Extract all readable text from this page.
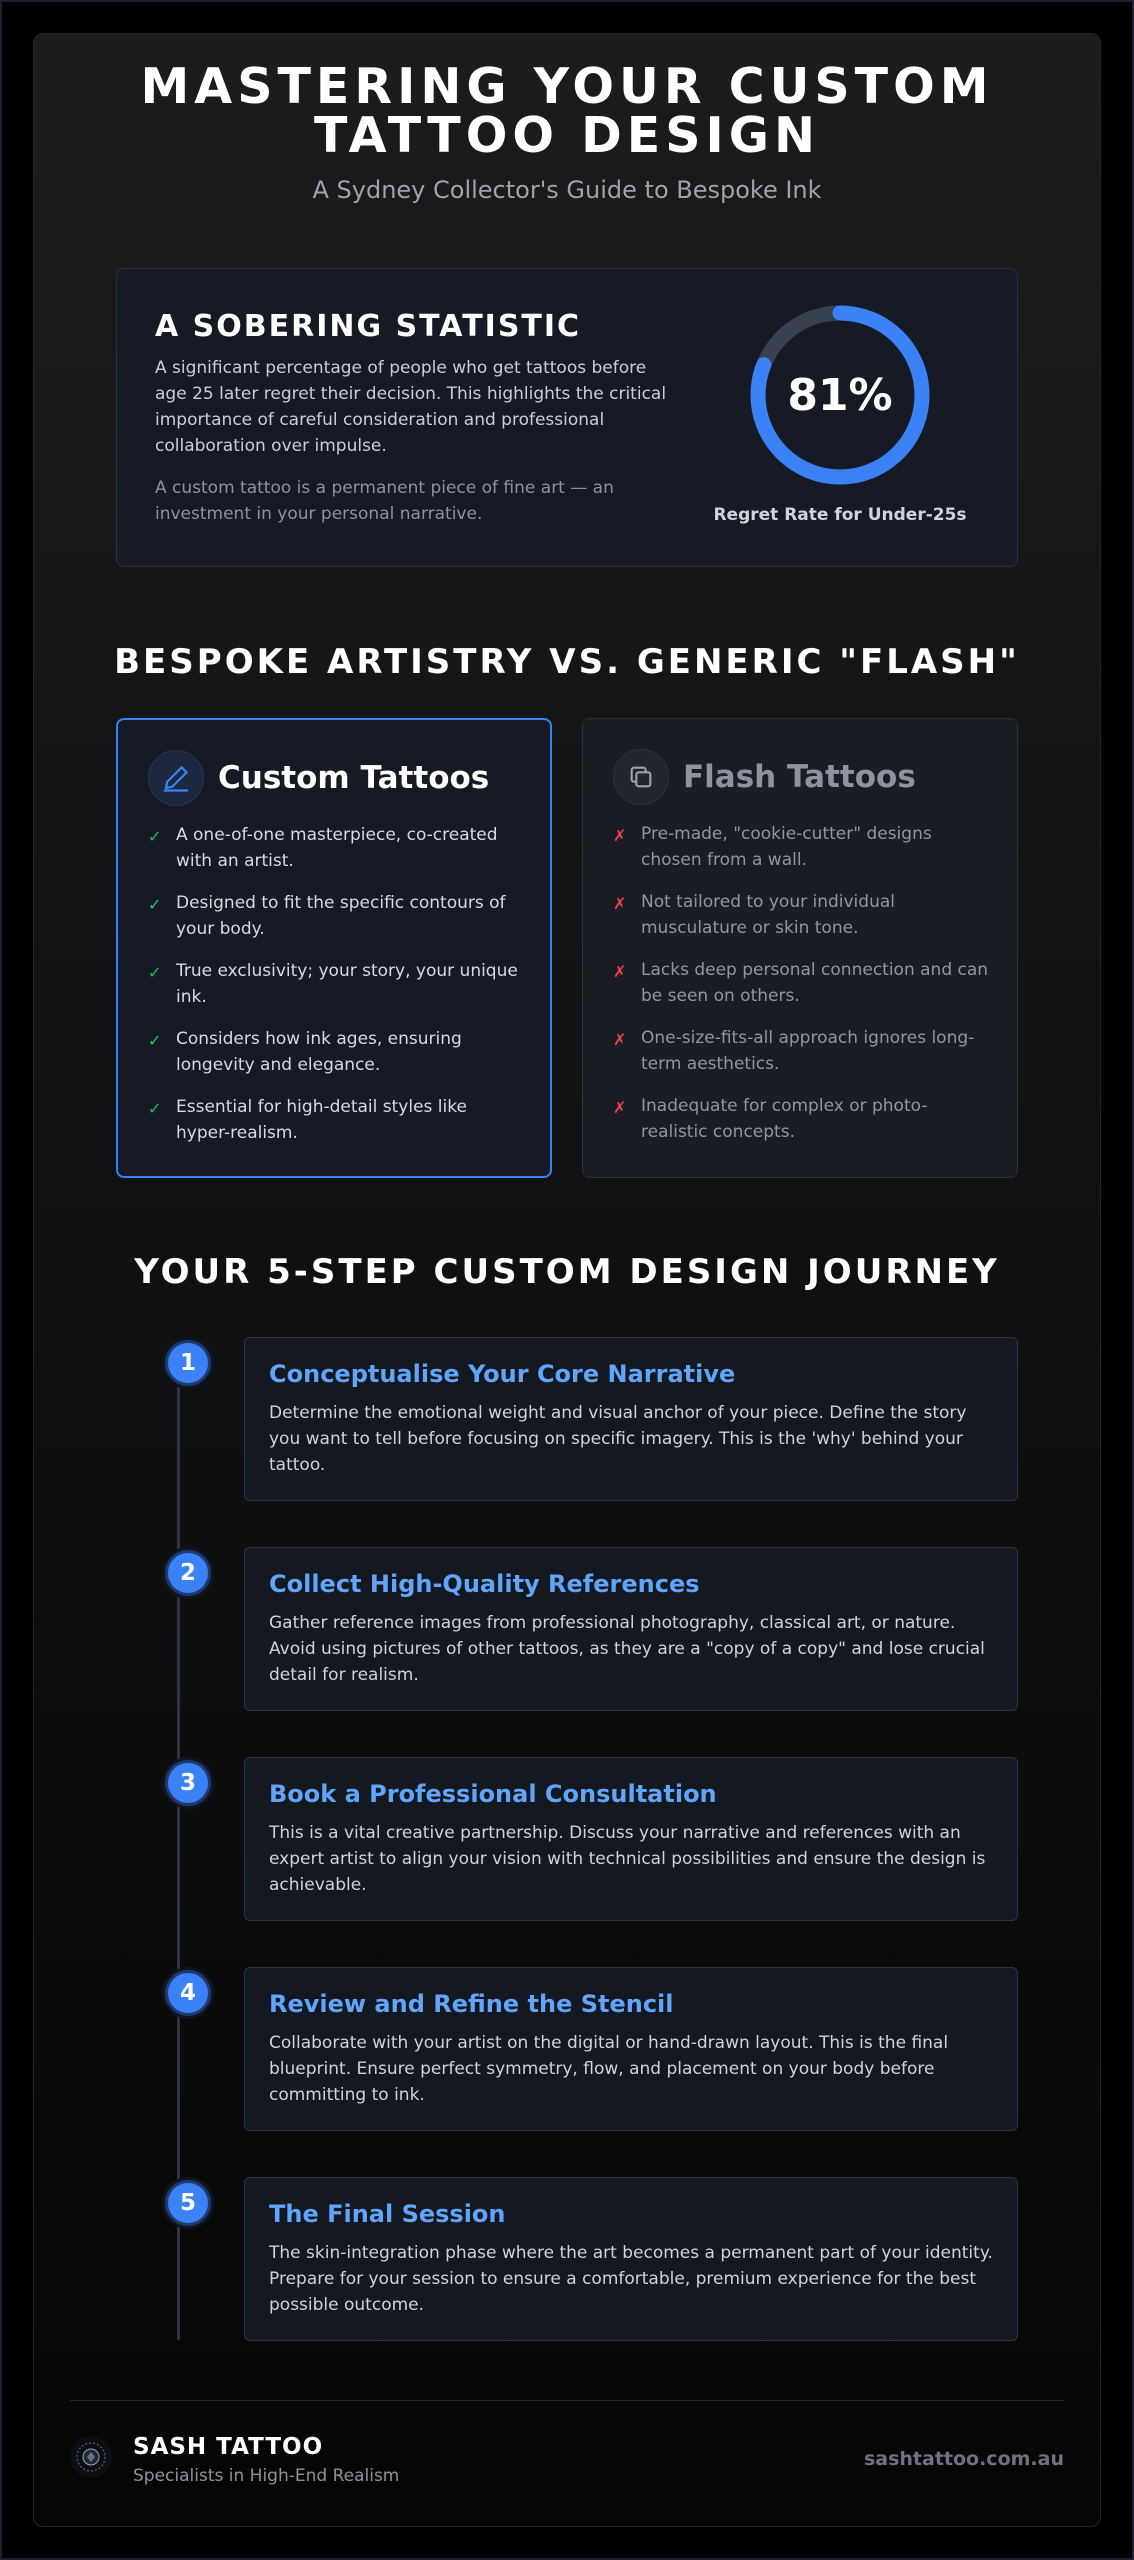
MASTERING YOUR CUSTOM
TATTOO DESIGN
A Sydney Collector's Guide to Bespoke Ink
A SOBERING STATISTIC
A significant percentage of people who get tattoos before age 25 later regret their decision. This highlights the critical importance of careful consideration and professional collaboration over impulse.
A custom tattoo is a permanent piece of fine art — an investment in your personal narrative.
81%
Regret Rate for Under-25s
BESPOKE ARTISTRY VS. GENERIC "FLASH"
Custom Tattoos
✓ A one-of-one masterpiece, co-created
with an artist.
✓ Designed to fit the specific contours of
your body.
✓ True exclusivity; your story, your unique
ink.
✓ Considers how ink ages, ensuring
longevity and elegance.
✓ Essential for high-detail styles like
hyper-realism.
Flash Tattoos
✗ Pre-made, "cookie-cutter" designs
chosen from a wall.
✗ Not tailored to your individual
musculature or skin tone.
✗ Lacks deep personal connection and can
be seen on others.
✗ One-size-fits-all approach ignores long-
term aesthetics.
✗ Inadequate for complex or photo-
realistic concepts.
YOUR 5-STEP CUSTOM DESIGN JOURNEY
1	Conceptualise Your Core Narrative
Determine the emotional weight and visual anchor of your piece. Define the story
you want to tell before focusing on specific imagery. This is the 'why' behind your
tattoo.
2	Collect High-Quality References
Gather reference images from professional photography, classical art, or nature.
Avoid using pictures of other tattoos, as they are a "copy of a copy" and lose crucial
detail for realism.
3	Book a Professional Consultation
This is a vital creative partnership. Discuss your narrative and references with an
expert artist to align your vision with technical possibilities and ensure the design is
achievable.
4	Review and Refine the Stencil
Collaborate with your artist on the digital or hand-drawn layout. This is the final
blueprint. Ensure perfect symmetry, flow, and placement on your body before
committing to ink.
5	The Final Session
The skin-integration phase where the art becomes a permanent part of your identity.
Prepare for your session to ensure a comfortable, premium experience for the best
possible outcome.
SASH TATTOO
Specialists in High-End Realism
sashtattoo.com.au
